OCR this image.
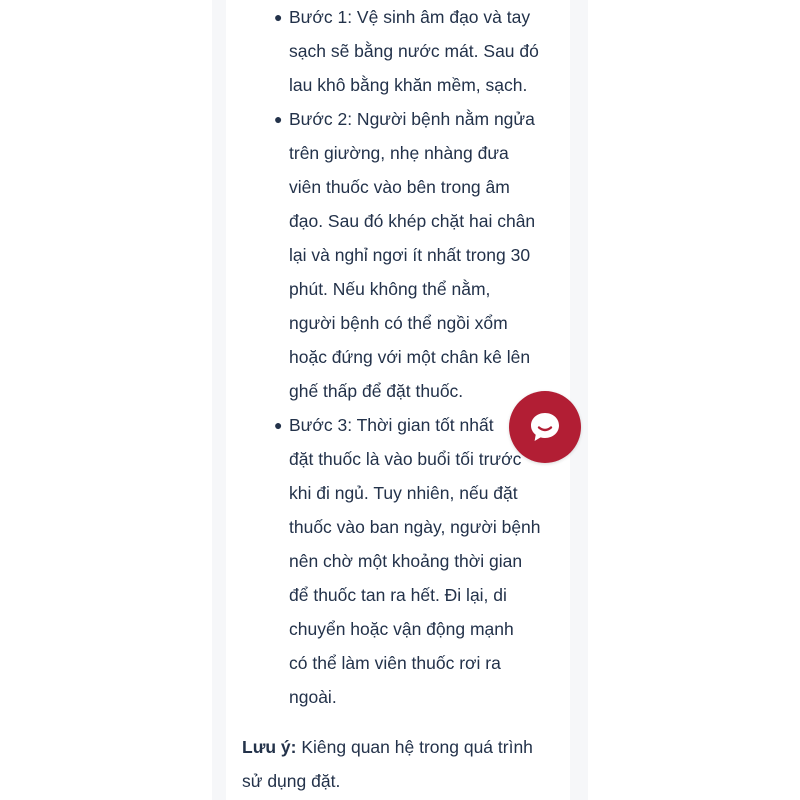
● Bước 1: Vệ sinh âm đạo và tay
sạch sẽ bằng nước mát. Sau đó
lau khô bằng khăn mềm, sạch.
● Bước 2: Người bệnh nằm ngửa
trên giường, nhẹ nhàng đưa
viên thuốc vào bên trong âm
đạo. Sau đó khép chặt hai chân
lại và nghỉ ngơi ít nhất trong 30
phút. Nếu không thể nằm,
người bệnh có thể ngồi xổm
hoặc đứng với một chân kê lên
ghế thấp để đặt thuốc.
● Bước 3: Thời gian tốt nhất
đặt thuốc là vào buổi tối trước
khi đi ngủ. Tuy nhiên, nếu đặt
thuốc vào ban ngày, người bệnh
nên chờ một khoảng thời gian
để thuốc tan ra hết. Đi lại, di
chuyển hoặc vận động mạnh
có thể làm viên thuốc rơi ra
ngoài.
Lưu ý: Kiêng quan hệ trong quá trình
sử dụng đặt.
